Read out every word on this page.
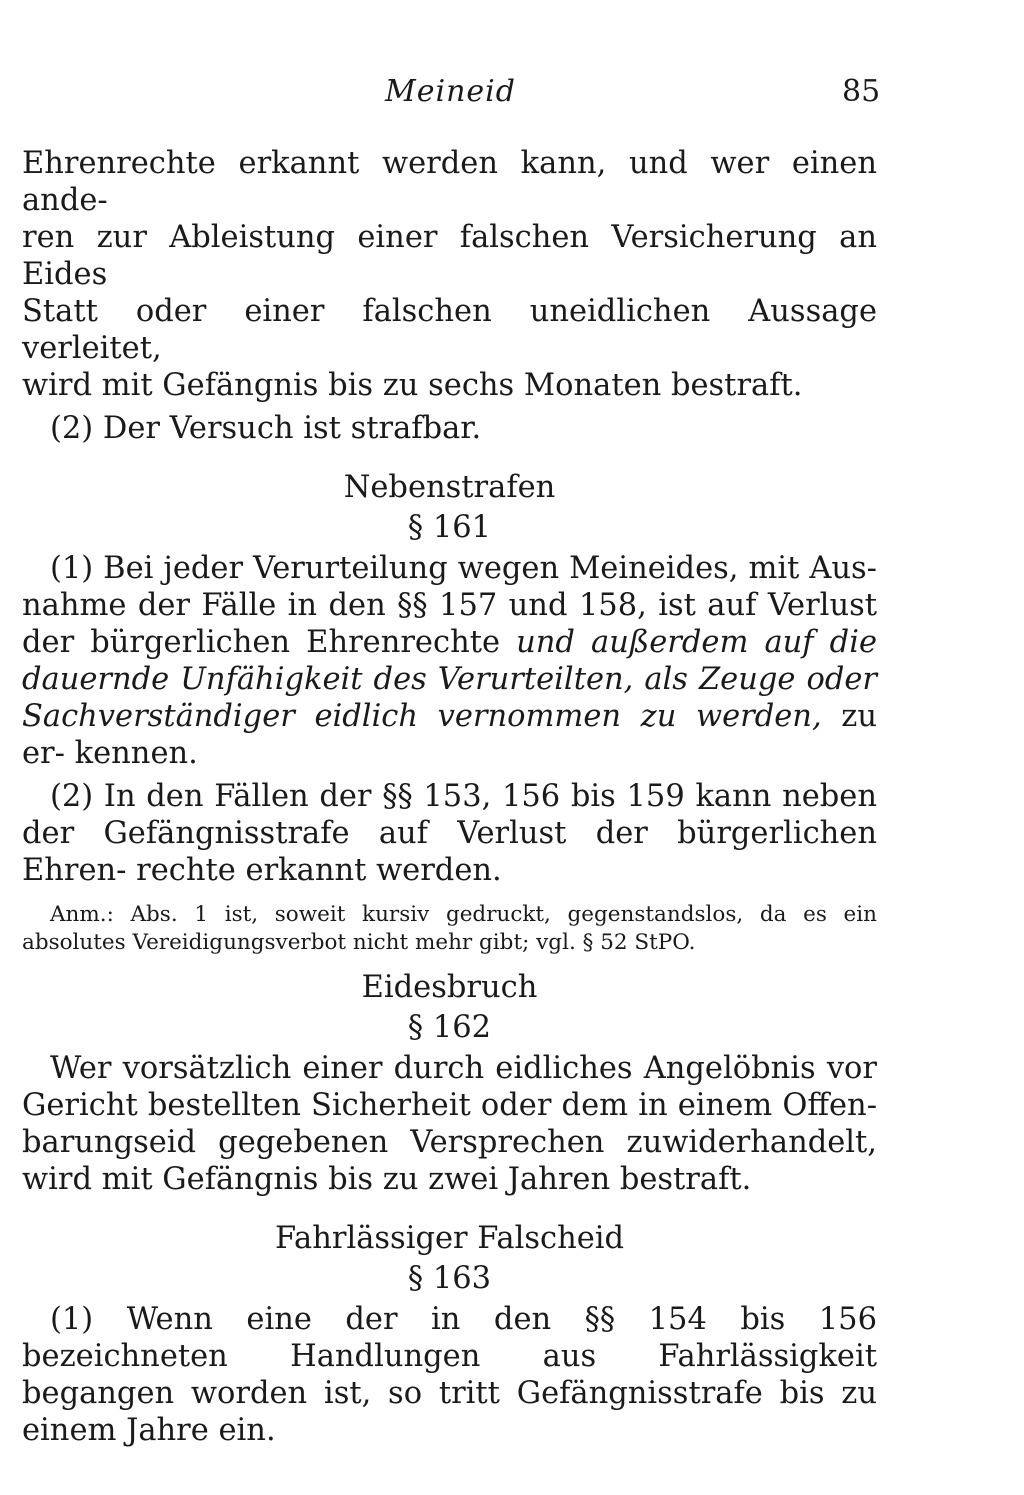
Meineid	85
Ehrenrechte erkannt werden kann, und wer einen ande-
ren zur Ableistung einer falschen Versicherung an Eides
Statt oder einer falschen uneidlichen Aussage verleitet,
wird mit Gefängnis bis zu sechs Monaten bestraft.

(2) Der Versuch ist strafbar.

Nebenstrafen
§ 161

(1) Bei jeder Verurteilung wegen Meineides, mit Aus- nahme der Fälle in den §§ 157 und 158, ist auf Verlust der bürgerlichen Ehrenrechte und außerdem auf die dauernde Unfähigkeit des Verurteilten, als Zeuge oder Sachverständiger eidlich vernommen zu werden, zu er- kennen.

(2) In den Fällen der §§ 153, 156 bis 159 kann neben der Gefängnisstrafe auf Verlust der bürgerlichen Ehren- rechte erkannt werden.

Anm.: Abs. 1 ist, soweit kursiv gedruckt, gegenstandslos, da es ein absolutes Vereidigungsverbot nicht mehr gibt; vgl. § 52 StPO.

Eidesbruch
§ 162

Wer vorsätzlich einer durch eidliches Angelöbnis vor Gericht bestellten Sicherheit oder dem in einem Offen- barungseid gegebenen Versprechen zuwiderhandelt, wird mit Gefängnis bis zu zwei Jahren bestraft.

Fahrlässiger Falscheid
§ 163

(1) Wenn eine der in den §§ 154 bis 156 bezeichneten Handlungen aus Fahrlässigkeit begangen worden ist, so tritt Gefängnisstrafe bis zu einem Jahre ein.
